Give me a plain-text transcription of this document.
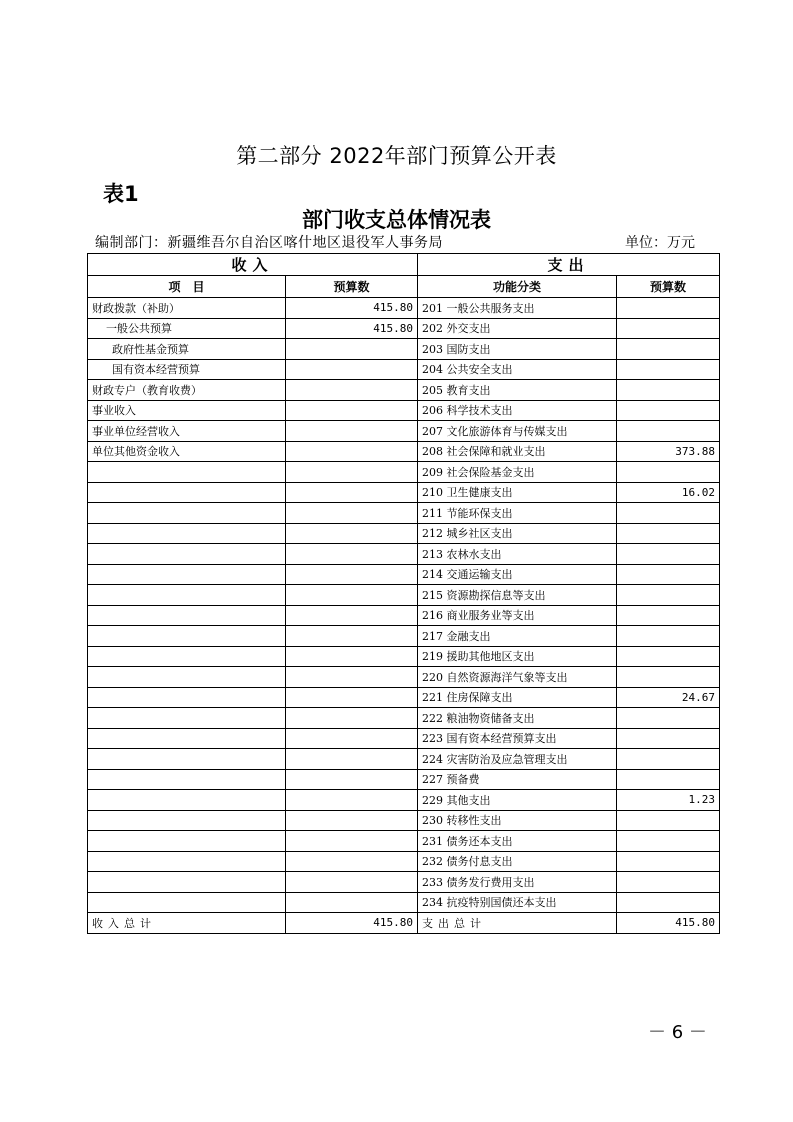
第二部分 2022年部门预算公开表
表1
部门收支总体情况表
编制部门：新疆维吾尔自治区喀什地区退役军人事务局	单位：万元
收入		支出	
项　目	预算数	功能分类	预算数
财政拨款（补助）	415.80	201 一般公共服务支出	
一般公共预算	415.80	202 外交支出	
政府性基金预算		203 国防支出	
国有资本经营预算		204 公共安全支出	
财政专户（教育收费）		205 教育支出	
事业收入		206 科学技术支出	
事业单位经营收入		207 文化旅游体育与传媒支出	
单位其他资金收入		208 社会保障和就业支出	373.88
		209 社会保险基金支出	
		210 卫生健康支出	16.02
		211 节能环保支出	
		212 城乡社区支出	
		213 农林水支出	
		214 交通运输支出	
		215 资源勘探信息等支出	
		216 商业服务业等支出	
		217 金融支出	
		219 援助其他地区支出	
		220 自然资源海洋气象等支出	
		221 住房保障支出	24.67
		222 粮油物资储备支出	
		223 国有资本经营预算支出	
		224 灾害防治及应急管理支出	
		227 预备费	
		229 其他支出	1.23
		230 转移性支出	
		231 债务还本支出	
		232 债务付息支出	
		233 债务发行费用支出	
		234 抗疫特别国债还本支出	
收入总计	415.80	支出总计	415.80
－ 6 －
